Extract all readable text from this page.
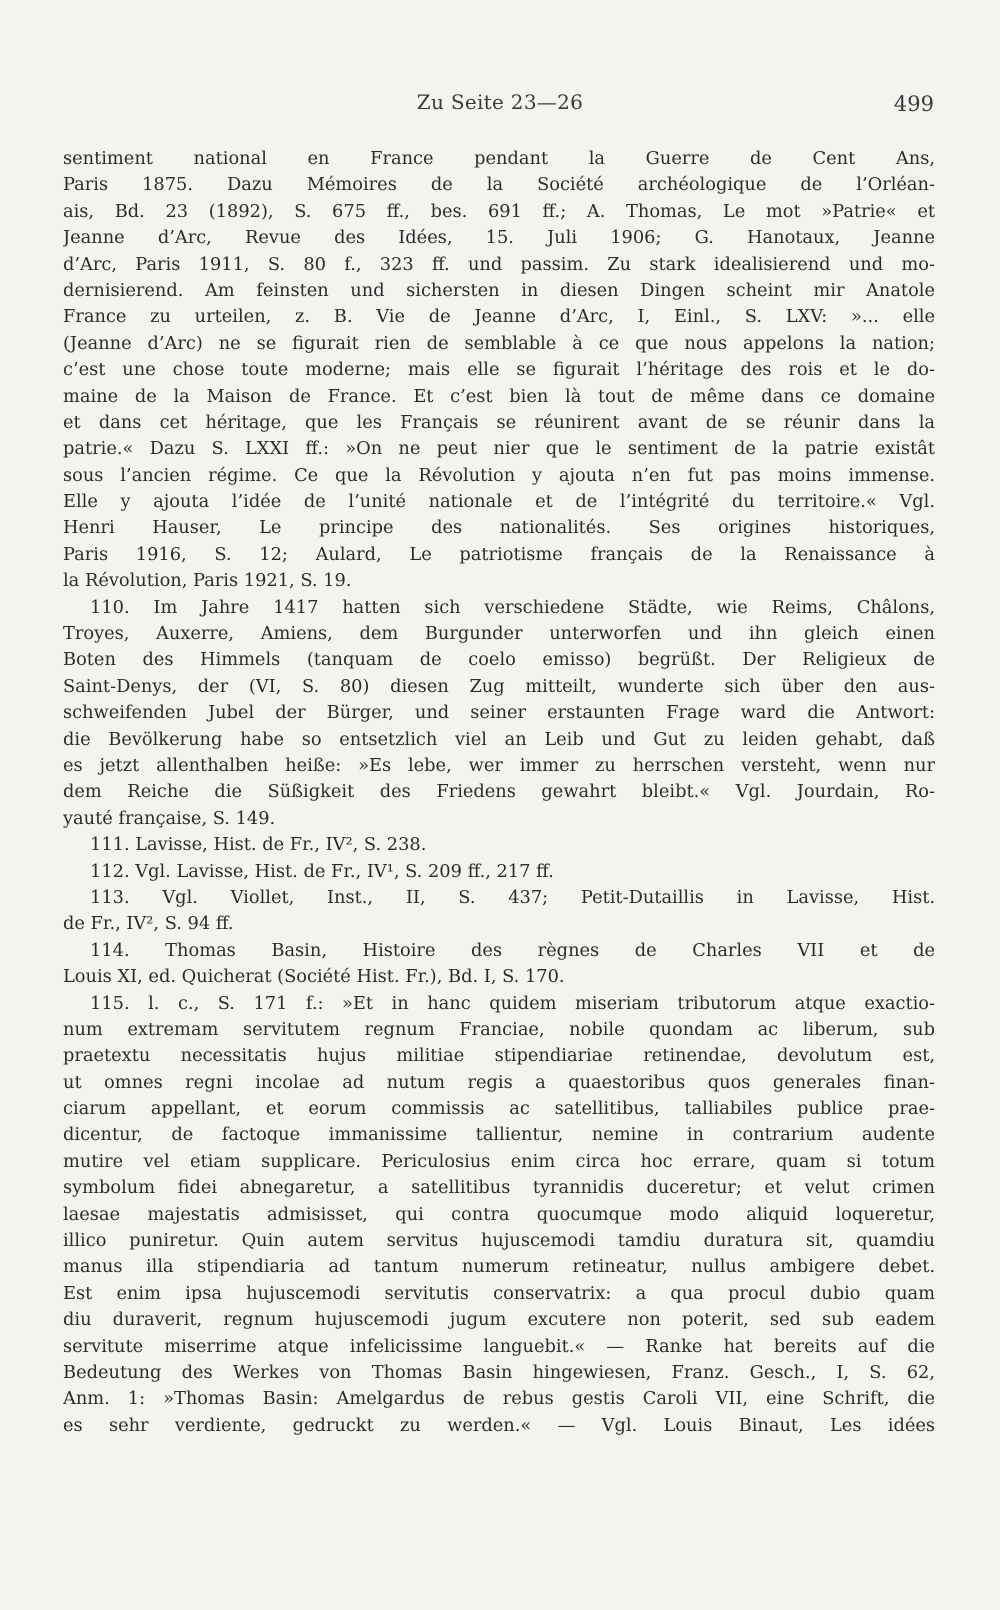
Zu Seite 23—26	499
sentiment national en France pendant la Guerre de Cent Ans,
Paris 1875. Dazu Mémoires de la Société archéologique de l’Orléan-
ais, Bd. 23 (1892), S. 675 ff., bes. 691 ff.; A. Thomas, Le mot »Patrie« et
Jeanne d’Arc, Revue des Idées, 15. Juli 1906; G. Hanotaux, Jeanne
d’Arc, Paris 1911, S. 80 f., 323 ff. und passim. Zu stark idealisierend und mo-
dernisierend. Am feinsten und sichersten in diesen Dingen scheint mir Anatole
France zu urteilen, z. B. Vie de Jeanne d’Arc, I, Einl., S. LXV: »... elle
(Jeanne d’Arc) ne se figurait rien de semblable à ce que nous appelons la nation;
c’est une chose toute moderne; mais elle se figurait l’héritage des rois et le do-
maine de la Maison de France. Et c’est bien là tout de même dans ce domaine
et dans cet héritage, que les Français se réunirent avant de se réunir dans la
patrie.« Dazu S. LXXI ff.: »On ne peut nier que le sentiment de la patrie existât
sous l’ancien régime. Ce que la Révolution y ajouta n’en fut pas moins immense.
Elle y ajouta l’idée de l’unité nationale et de l’intégrité du territoire.« Vgl.
Henri Hauser, Le principe des nationalités. Ses origines historiques,
Paris 1916, S. 12; Aulard, Le patriotisme français de la Renaissance à
la Révolution, Paris 1921, S. 19.
110. Im Jahre 1417 hatten sich verschiedene Städte, wie Reims, Châlons,
Troyes, Auxerre, Amiens, dem Burgunder unterworfen und ihn gleich einen
Boten des Himmels (tanquam de coelo emisso) begrüßt. Der Religieux de
Saint-Denys, der (VI, S. 80) diesen Zug mitteilt, wunderte sich über den aus-
schweifenden Jubel der Bürger, und seiner erstaunten Frage ward die Antwort:
die Bevölkerung habe so entsetzlich viel an Leib und Gut zu leiden gehabt, daß
es jetzt allenthalben heiße: »Es lebe, wer immer zu herrschen versteht, wenn nur
dem Reiche die Süßigkeit des Friedens gewahrt bleibt.« Vgl. Jourdain, Ro-
yauté française, S. 149.
111. Lavisse, Hist. de Fr., IV², S. 238.
112. Vgl. Lavisse, Hist. de Fr., IV¹, S. 209 ff., 217 ff.
113. Vgl. Viollet, Inst., II, S. 437; Petit-Dutaillis in Lavisse, Hist.
de Fr., IV², S. 94 ff.
114. Thomas Basin, Histoire des règnes de Charles VII et de
Louis XI, ed. Quicherat (Société Hist. Fr.), Bd. I, S. 170.
115. l. c., S. 171 f.: »Et in hanc quidem miseriam tributorum atque exactio-
num extremam servitutem regnum Franciae, nobile quondam ac liberum, sub
praetextu necessitatis hujus militiae stipendiariae retinendae, devolutum est,
ut omnes regni incolae ad nutum regis a quaestoribus quos generales finan-
ciarum appellant, et eorum commissis ac satellitibus, talliabiles publice prae-
dicentur, de factoque immanissime tallientur, nemine in contrarium audente
mutire vel etiam supplicare. Periculosius enim circa hoc errare, quam si totum
symbolum fidei abnegaretur, a satellitibus tyrannidis duceretur; et velut crimen
laesae majestatis admisisset, qui contra quocumque modo aliquid loqueretur,
illico puniretur. Quin autem servitus hujuscemodi tamdiu duratura sit, quamdiu
manus illa stipendiaria ad tantum numerum retineatur, nullus ambigere debet.
Est enim ipsa hujuscemodi servitutis conservatrix: a qua procul dubio quam
diu duraverit, regnum hujuscemodi jugum excutere non poterit, sed sub eadem
servitute miserrime atque infelicissime languebit.« — Ranke hat bereits auf die
Bedeutung des Werkes von Thomas Basin hingewiesen, Franz. Gesch., I, S. 62,
Anm. 1: »Thomas Basin: Amelgardus de rebus gestis Caroli VII, eine Schrift, die
es sehr verdiente, gedruckt zu werden.« — Vgl. Louis Binaut, Les idées
